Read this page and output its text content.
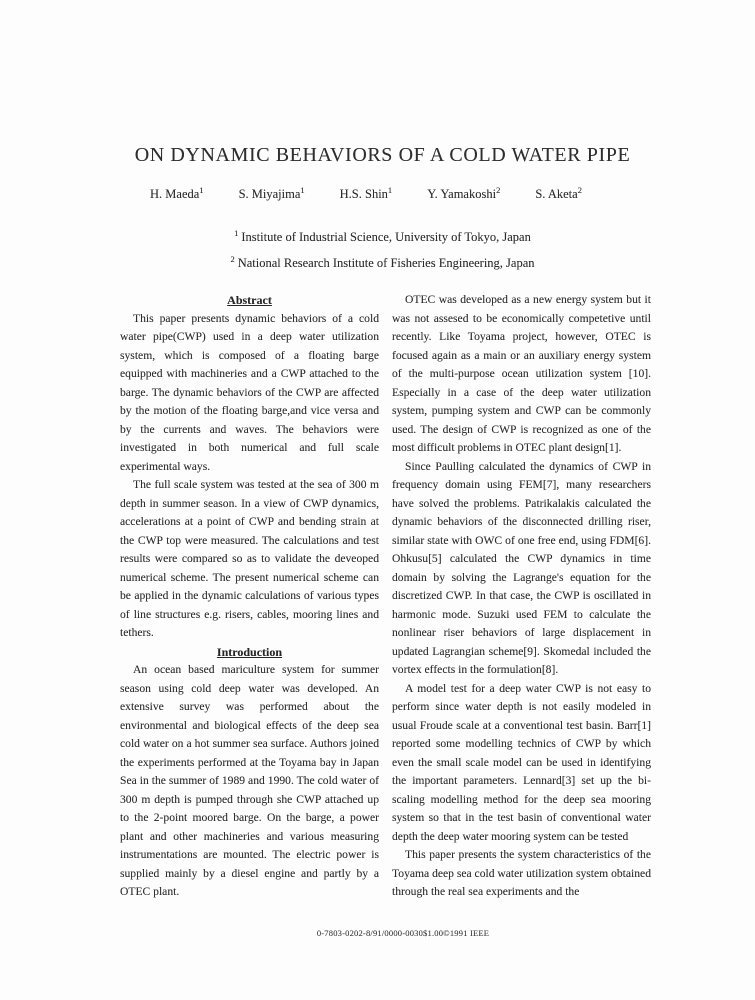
ON DYNAMIC BEHAVIORS OF A COLD WATER PIPE
H. Maeda$^1$	S. Miyajima$^1$	H.S. Shin$^1$	Y. Yamakoshi$^2$	S. Aketa$^2$
$^1$ Institute of Industrial Science, University of Tokyo, Japan
$^2$ National Research Institute of Fisheries Engineering, Japan
Abstract

This paper presents dynamic behaviors of a cold water pipe(CWP) used in a deep water utilization system, which is composed of a floating barge equipped with machineries and a CWP attached to the barge. The dynamic behaviors of the CWP are affected by the motion of the floating barge,and vice versa and by the currents and waves. The behaviors were investigated in both numerical and full scale experimental ways.

The full scale system was tested at the sea of 300 m depth in summer season. In a view of CWP dynamics, accelerations at a point of CWP and bending strain at the CWP top were measured. The calculations and test results were compared so as to validate the deveoped numerical scheme. The present numerical scheme can be applied in the dynamic calculations of various types of line structures e.g. risers, cables, mooring lines and tethers.

Introduction

An ocean based mariculture system for summer season using cold deep water was developed. An extensive survey was performed about the environmental and biological effects of the deep sea cold water on a hot summer sea surface. Authors joined the experiments performed at the Toyama bay in Japan Sea in the summer of 1989 and 1990. The cold water of 300 m depth is pumped through she CWP attached up to the 2-point moored barge. On the barge, a power plant and other machineries and various measuring instrumentations are mounted. The electric power is supplied mainly by a diesel engine and partly by a OTEC plant.

OTEC was developed as a new energy system but it was not assesed to be economically competetive until recently. Like Toyama project, however, OTEC is focused again as a main or an auxiliary energy system of the multi-purpose ocean utilization system [10]. Especially in a case of the deep water utilization system, pumping system and CWP can be commonly used. The design of CWP is recognized as one of the most difficult problems in OTEC plant design[1].

Since Paulling calculated the dynamics of CWP in frequency domain using FEM[7], many researchers have solved the problems. Patrikalakis calculated the dynamic behaviors of the disconnected drilling riser, similar state with OWC of one free end, using FDM[6]. Ohkusu[5] calculated the CWP dynamics in time domain by solving the Lagrange's equation for the discretized CWP. In that case, the CWP is oscillated in harmonic mode. Suzuki used FEM to calculate the nonlinear riser behaviors of large displacement in updated Lagrangian scheme[9]. Skomedal included the vortex effects in the formulation[8].

A model test for a deep water CWP is not easy to perform since water depth is not easily modeled in usual Froude scale at a conventional test basin. Barr[1] reported some modelling technics of CWP by which even the small scale model can be used in identifying the important parameters. Lennard[3] set up the bi-scaling modelling method for the deep sea mooring system so that in the test basin of conventional water depth the deep water mooring system can be tested

This paper presents the system characteristics of the Toyama deep sea cold water utilization system obtained through the real sea experiments and the

0-7803-0202-8/91/0000-0030$1.00©1991 IEEE
